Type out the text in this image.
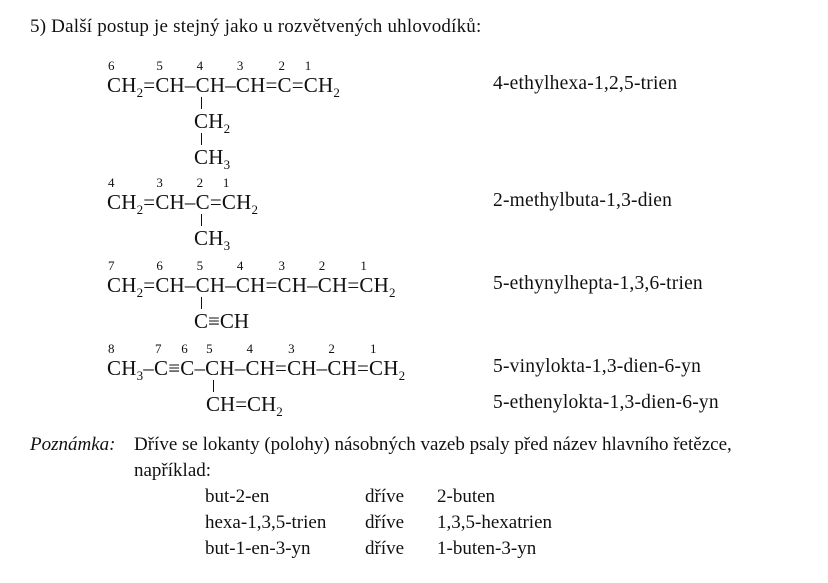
5) Další postup je stejný jako u rozvětvených uhlovodíků:
6
$CH_2$ =
5
CH –
4
CH –
3
CH =
2
C =
1
$CH_2$
$CH_2$
$CH_3$
4-ethylhexa-1,2,5-trien
4
$CH_2$ =
3
CH –
2
C =
1
$CH_2$
$CH_3$
2-methylbuta-1,3-dien
7
$CH_2$ =
6
CH –
5
CH –
4
CH =
3
CH –
2
CH =
1
$CH_2$
C ≡ CH
5-ethynylhepta-1,3,6-trien
8
$CH_3$ –
7
C ≡
6
C –
5
CH –
4
CH =
3
CH –
2
CH =
1
$CH_2$
CH = $CH_2$
5-vinylokta-1,3-dien-6-yn
5-ethenylokta-1,3-dien-6-yn
Poznámka: Dříve se lokanty (polohy) násobných vazeb psaly před název hlavního řetězce,
například:
but-2-en	dříve	2-buten
hexa-1,3,5-trien	dříve	1,3,5-hexatrien
but-1-en-3-yn	dříve	1-buten-3-yn
